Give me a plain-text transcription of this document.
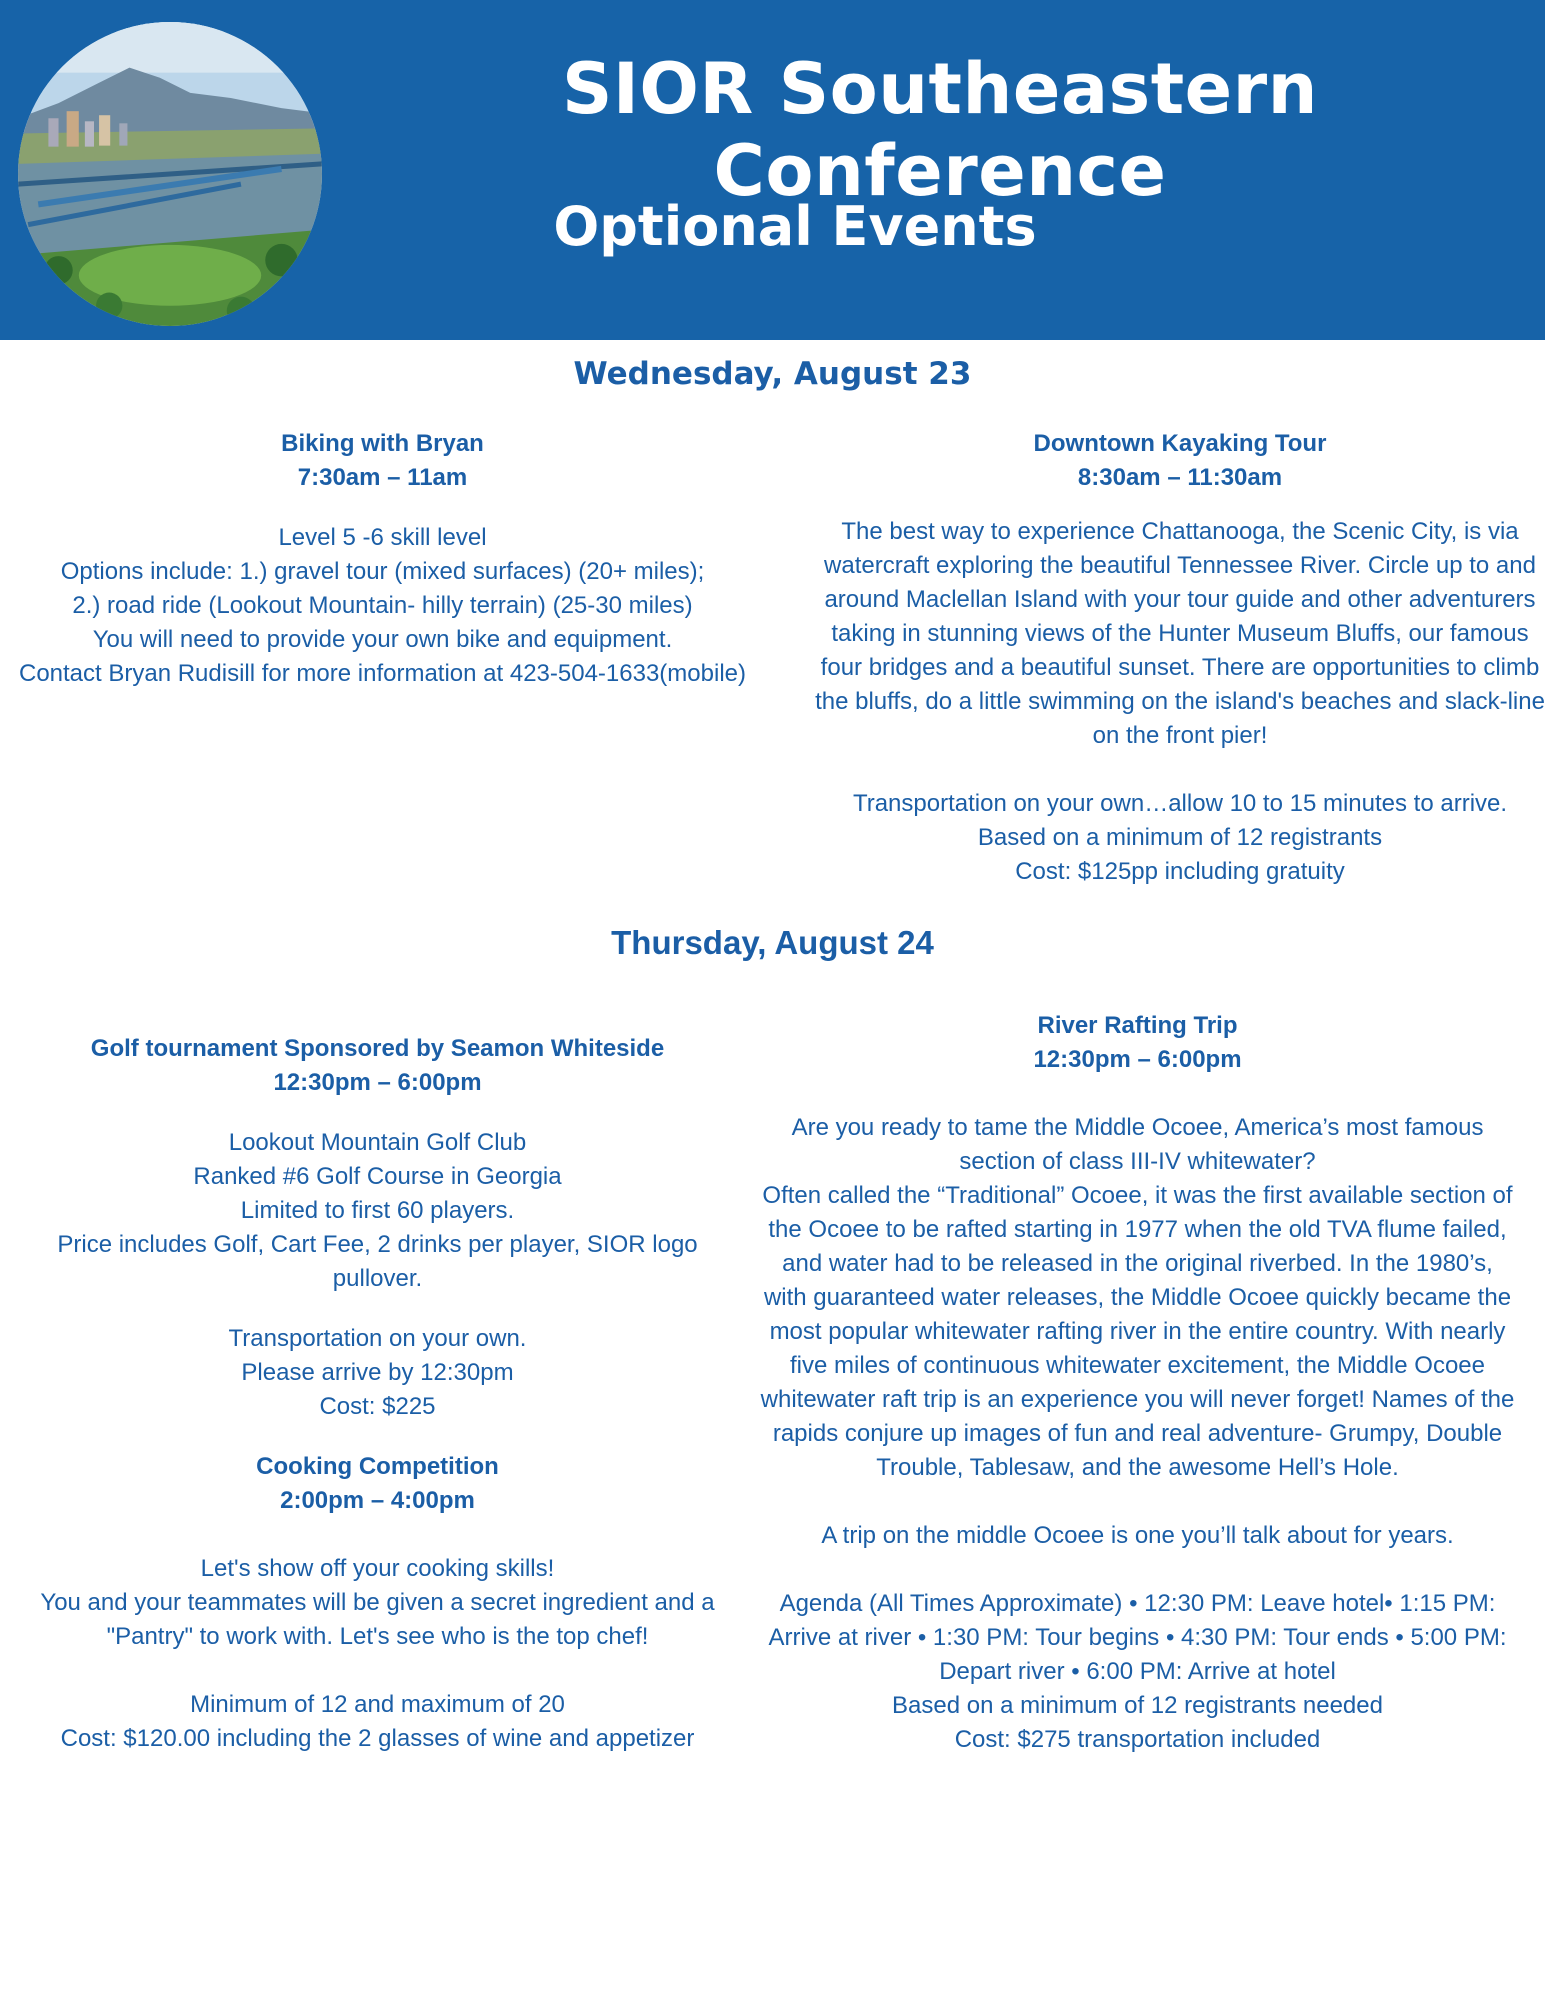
SIOR Southeastern Conference
Optional Events
Wednesday, August 23
Biking with Bryan
7:30am – 11am

Level 5 -6 skill level

Options include: 1.) gravel tour (mixed surfaces) (20+ miles);

2.) road ride (Lookout Mountain- hilly terrain) (25-30 miles)

You will need to provide your own bike and equipment.

Contact Bryan Rudisill for more information at 423-504-1633(mobile)

Downtown Kayaking Tour
8:30am – 11:30am

The best way to experience Chattanooga, the Scenic City, is via watercraft exploring the beautiful Tennessee River. Circle up to and around Maclellan Island with your tour guide and other adventurers taking in stunning views of the Hunter Museum Bluffs, our famous four bridges and a beautiful sunset. There are opportunities to climb the bluffs, do a little swimming on the island's beaches and slack-line on the front pier!

Transportation on your own…allow 10 to 15 minutes to arrive.

Based on a minimum of 12 registrants

Cost: $125pp including gratuity

Thursday, August 24
Golf tournament Sponsored by Seamon Whiteside
12:30pm – 6:00pm

Lookout Mountain Golf Club

Ranked #6 Golf Course in Georgia

Limited to first 60 players.

Price includes Golf, Cart Fee, 2 drinks per player, SIOR logo pullover.

Transportation on your own.

Please arrive by 12:30pm

Cost: $225

Cooking Competition
2:00pm – 4:00pm

Let's show off your cooking skills!

You and your teammates will be given a secret ingredient and a "Pantry" to work with. Let's see who is the top chef!

Minimum of 12 and maximum of 20

Cost: $120.00 including the 2 glasses of wine and appetizer

River Rafting Trip
12:30pm – 6:00pm

Are you ready to tame the Middle Ocoee, America’s most famous section of class III-IV whitewater?

Often called the “Traditional” Ocoee, it was the first available section of the Ocoee to be rafted starting in 1977 when the old TVA flume failed, and water had to be released in the original riverbed. In the 1980’s, with guaranteed water releases, the Middle Ocoee quickly became the most popular whitewater rafting river in the entire country. With nearly five miles of continuous whitewater excitement, the Middle Ocoee whitewater raft trip is an experience you will never forget! Names of the rapids conjure up images of fun and real adventure- Grumpy, Double Trouble, Tablesaw, and the awesome Hell’s Hole.

A trip on the middle Ocoee is one you’ll talk about for years.

Agenda (All Times Approximate) • 12:30 PM: Leave hotel• 1:15 PM: Arrive at river • 1:30 PM: Tour begins • 4:30 PM: Tour ends • 5:00 PM: Depart river • 6:00 PM: Arrive at hotel

Based on a minimum of 12 registrants needed

Cost: $275 transportation included
